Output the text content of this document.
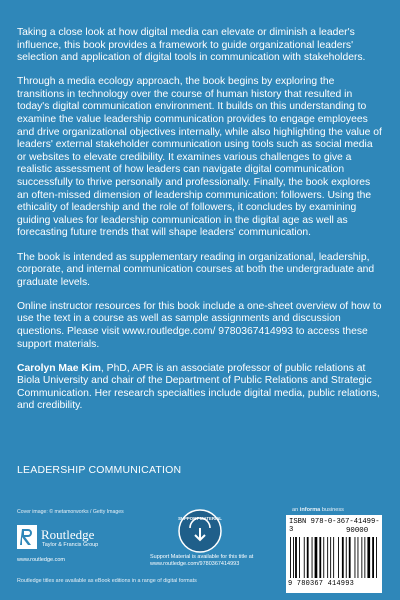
Taking a close look at how digital media can elevate or diminish a leader's influence, this book provides a framework to guide organizational leaders' selection and application of digital tools in communication with stakeholders.

Through a media ecology approach, the book begins by exploring the transitions in technology over the course of human history that resulted in today's digital communication environment. It builds on this understanding to examine the value leadership communication provides to engage employees and drive organizational objectives internally, while also highlighting the value of leaders' external stakeholder communication using tools such as social media or websites to elevate credibility. It examines various challenges to give a realistic assessment of how leaders can navigate digital communication successfully to thrive personally and professionally. Finally, the book explores an often-missed dimension of leadership communication: followers. Using the ethicality of leadership and the role of followers, it concludes by examining guiding values for leadership communication in the digital age as well as forecasting future trends that will shape leaders' communication.

The book is intended as supplementary reading in organizational, leadership, corporate, and internal communication courses at both the undergraduate and graduate levels.

Online instructor resources for this book include a one-sheet overview of how to use the text in a course as well as sample assignments and discussion questions. Please visit www.routledge.com/ 9780367414993 to access these support materials.

Carolyn Mae Kim, PhD, APR is an associate professor of public relations at Biola University and chair of the Department of Public Relations and Strategic Communication. Her research specialties include digital media, public relations, and credibility.

LEADERSHIP COMMUNICATION
Cover image: © metamorworks / Getty Images
Routledge
Taylor & Francis Group
www.routledge.com
SUPPORT MATERIAL
Support Material is available for this title at
www.routledge.com/9780367414993
an informa business
ISBN 978-0-367-41499-3	90000
9 780367 414993
Routledge titles are available as eBook editions in a range of digital formats
